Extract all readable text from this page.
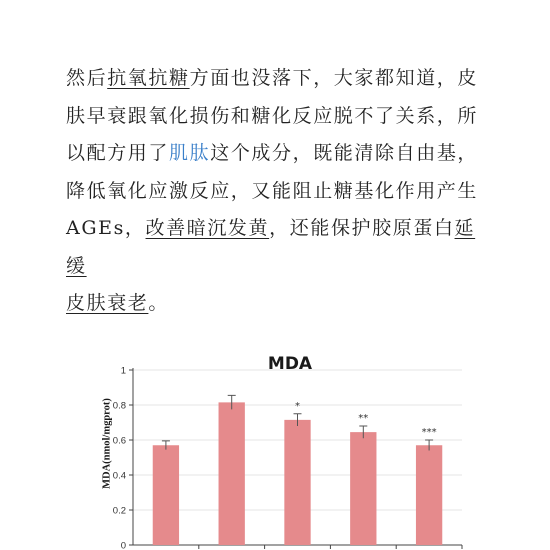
然后抗氧抗糖方面也没落下，大家都知道，皮

肤早衰跟氧化损伤和糖化反应脱不了关系，所

以配方用了肌肽这个成分，既能清除自由基，

降低氧化应激反应，又能阻止糖基化作用产生

AGEs，改善暗沉发黄，还能保护胶原蛋白延缓

皮肤衰老。

MDA
MDA(nmol/mgprot)
0
0.2
0.4
0.6
0.8
1
*
**
***
